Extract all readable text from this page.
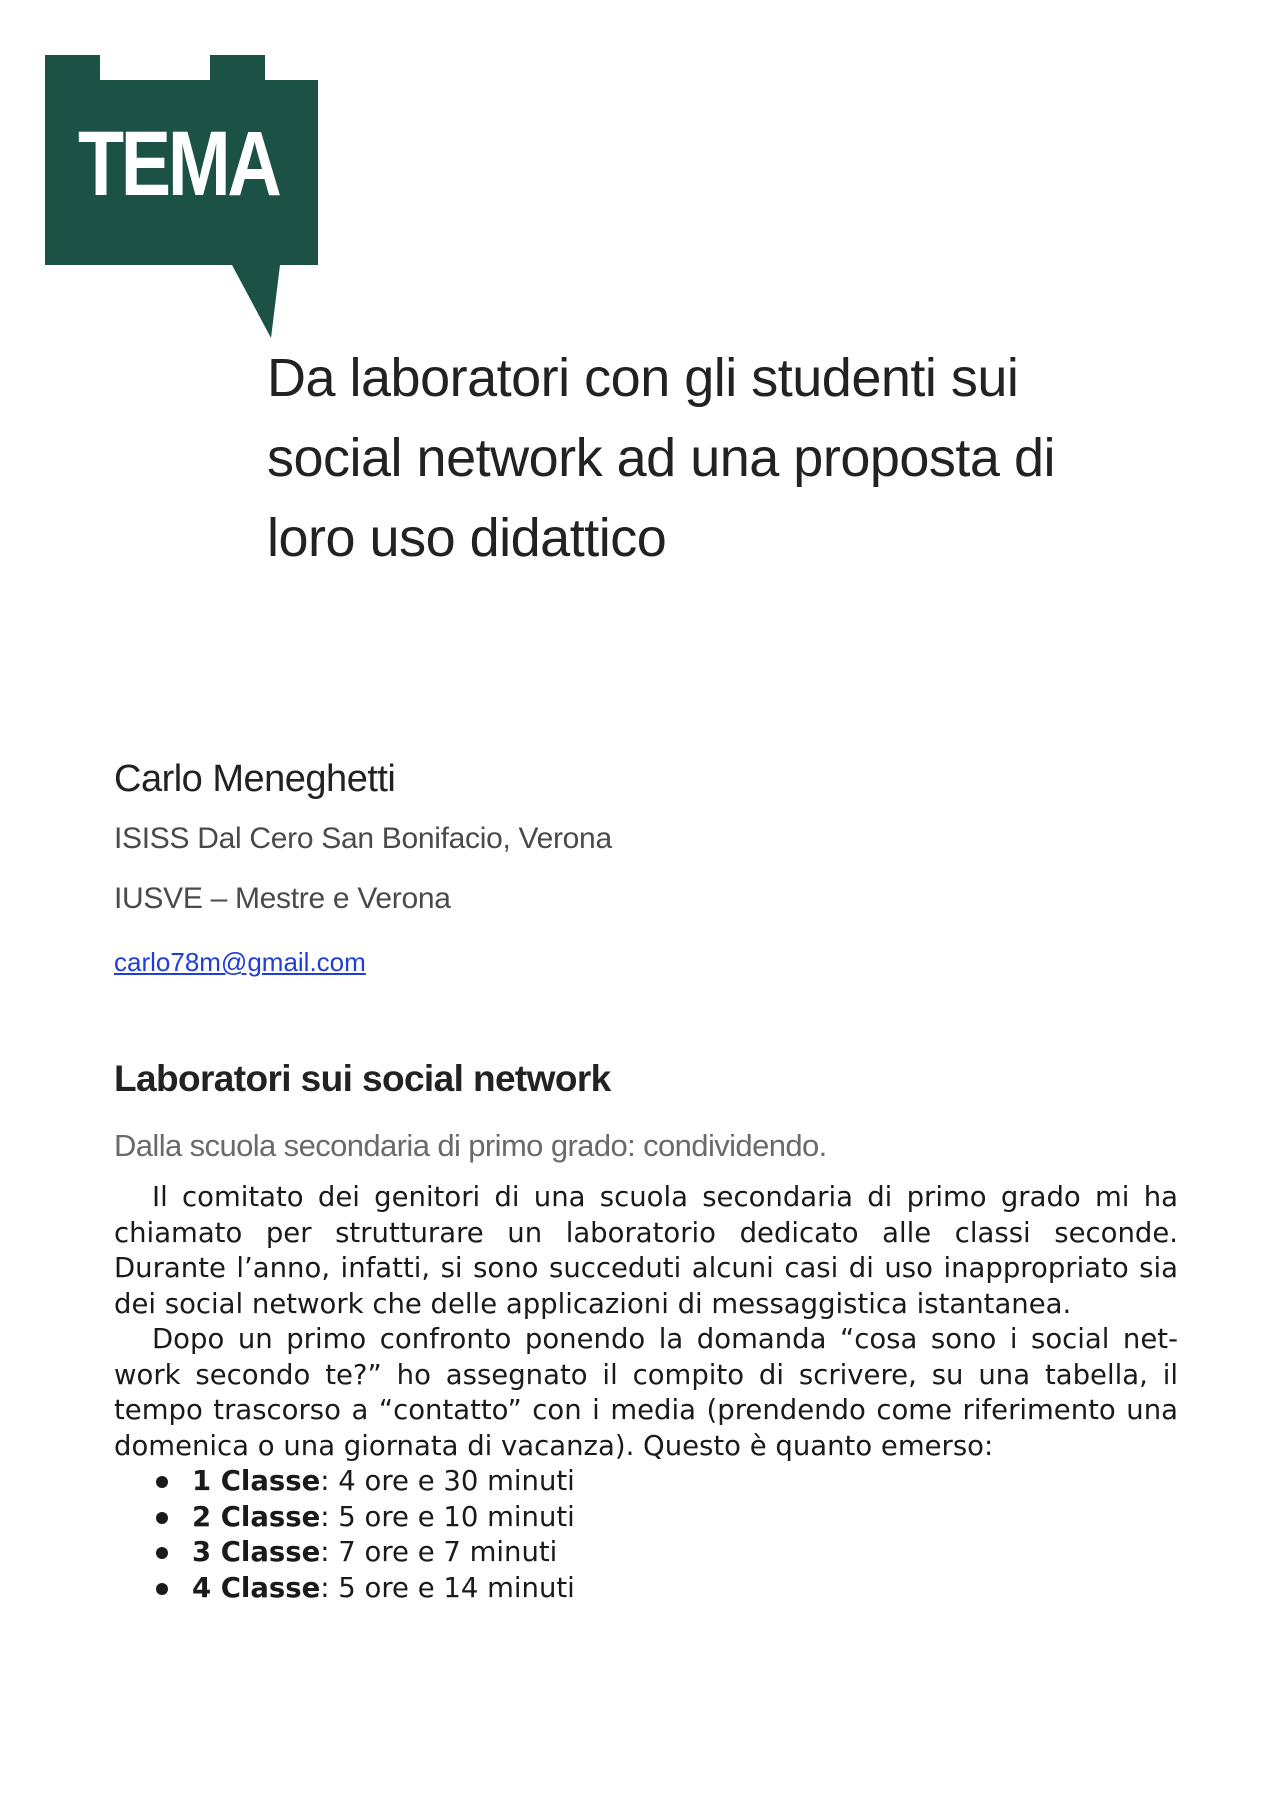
TEMA
Da laboratori con gli studenti sui
social network ad una proposta di
loro uso didattico
Carlo Meneghetti
ISISS Dal Cero San Bonifacio, Verona
IUSVE – Mestre e Verona
carlo78m@gmail.com
Laboratori sui social network
Dalla scuola secondaria di primo grado: condividendo.

Il comitato dei genitori di una scuola secondaria di primo grado mi ha chiamato per strutturare un laboratorio dedicato alle classi seconde. Durante l’anno, infatti, si sono succeduti alcuni casi di uso inappropriato sia dei social network che delle applicazioni di messaggistica istantanea.

Dopo un primo confronto ponendo la domanda “cosa sono i social network secondo te?” ho assegnato il compito di scrivere, su una tabella, il tempo trascorso a “contatto” con i media (prendendo come riferimento una domenica o una giornata di vacanza). Questo è quanto emerso:

1 Classe: 4 ore e 30 minuti
2 Classe: 5 ore e 10 minuti
3 Classe: 7 ore e 7 minuti
4 Classe: 5 ore e 14 minuti
